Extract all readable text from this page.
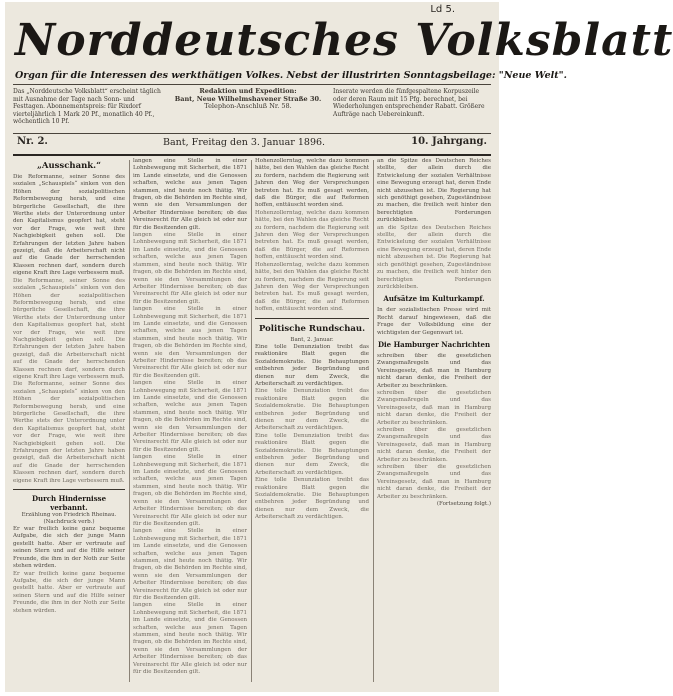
Ld 5.
Norddeutsches Volksblatt
Organ für die Interessen des werkthätigen Volkes. Nebst der illustrirten Sonntagsbeilage: "Neue Welt".
Das „Norddeutsche Volksblatt“ erscheint täglich mit Ausnahme der Tage nach Sonn- und Festtagen. Abonnementspreis: für Rixdorf vierteljährlich 1 Mark 20 Pf., monatlich 40 Pf., wöchentlich 10 Pf.
Redaktion und Expedition:
Bant, Neue Wilhelmshavener Straße 30.
Telephon-Anschluß Nr. 58.
Inserate werden die fünfgespaltene Korpuszeile oder deren Raum mit 15 Pfg. berechnet, bei Wiederholungen entsprechender Rabatt. Größere Aufträge nach Uebereinkunft.
Nr. 2.	Bant, Freitag den 3. Januar 1896.	10. Jahrgang.
„Ausschank.“
Die Reformanne, seiner Sonne des sozialen „Schauspiels“ sinken von den Höhen der sozialpolitischen Reformbewegung herab, und eine bürgerliche Gesellschaft, die ihre Werthe stets der Unterordnung unter den Kapitalismus geopfert hat, steht vor der Frage, wie weit ihre Nachgiebigkeit gehen soll. Die Erfahrungen der letzten Jahre haben gezeigt, daß die Arbeiterschaft nicht auf die Gnade der herrschenden Klassen rechnen darf, sondern durch eigene Kraft ihre Lage verbessern muß.
Die Reformanne, seiner Sonne des sozialen „Schauspiels“ sinken von den Höhen der sozialpolitischen Reformbewegung herab, und eine bürgerliche Gesellschaft, die ihre Werthe stets der Unterordnung unter den Kapitalismus geopfert hat, steht vor der Frage, wie weit ihre Nachgiebigkeit gehen soll. Die Erfahrungen der letzten Jahre haben gezeigt, daß die Arbeiterschaft nicht auf die Gnade der herrschenden Klassen rechnen darf, sondern durch eigene Kraft ihre Lage verbessern muß.
Die Reformanne, seiner Sonne des sozialen „Schauspiels“ sinken von den Höhen der sozialpolitischen Reformbewegung herab, und eine bürgerliche Gesellschaft, die ihre Werthe stets der Unterordnung unter den Kapitalismus geopfert hat, steht vor der Frage, wie weit ihre Nachgiebigkeit gehen soll. Die Erfahrungen der letzten Jahre haben gezeigt, daß die Arbeiterschaft nicht auf die Gnade der herrschenden Klassen rechnen darf, sondern durch eigene Kraft ihre Lage verbessern muß.
Durch Hindernisse verbannt.
Erzählung von Friedrich Rheinau.
(Nachdruck verb.)
Er war freilich keine ganz bequeme Aufgabe, die sich der junge Mann gestellt hatte. Aber er vertraute auf seinen Stern und auf die Hilfe seiner Freunde, die ihm in der Noth zur Seite stehen würden.
Er war freilich keine ganz bequeme Aufgabe, die sich der junge Mann gestellt hatte. Aber er vertraute auf seinen Stern und auf die Hilfe seiner Freunde, die ihm in der Noth zur Seite stehen würden.
langen eine Stelle in einer Lohnbewegung mit Sicherheit, die 1871 im Lande einsetzte, und die Genossen schaften, welche aus jenen Tagen stammen, sind heute noch thätig. Wir fragen, ob die Behörden im Rechte sind, wenn sie den Versammlungen der Arbeiter Hindernisse bereiten; ob das Vereinsrecht für Alle gleich ist oder nur für die Besitzenden gilt.
langen eine Stelle in einer Lohnbewegung mit Sicherheit, die 1871 im Lande einsetzte, und die Genossen schaften, welche aus jenen Tagen stammen, sind heute noch thätig. Wir fragen, ob die Behörden im Rechte sind, wenn sie den Versammlungen der Arbeiter Hindernisse bereiten; ob das Vereinsrecht für Alle gleich ist oder nur für die Besitzenden gilt.
langen eine Stelle in einer Lohnbewegung mit Sicherheit, die 1871 im Lande einsetzte, und die Genossen schaften, welche aus jenen Tagen stammen, sind heute noch thätig. Wir fragen, ob die Behörden im Rechte sind, wenn sie den Versammlungen der Arbeiter Hindernisse bereiten; ob das Vereinsrecht für Alle gleich ist oder nur für die Besitzenden gilt.
langen eine Stelle in einer Lohnbewegung mit Sicherheit, die 1871 im Lande einsetzte, und die Genossen schaften, welche aus jenen Tagen stammen, sind heute noch thätig. Wir fragen, ob die Behörden im Rechte sind, wenn sie den Versammlungen der Arbeiter Hindernisse bereiten; ob das Vereinsrecht für Alle gleich ist oder nur für die Besitzenden gilt.
langen eine Stelle in einer Lohnbewegung mit Sicherheit, die 1871 im Lande einsetzte, und die Genossen schaften, welche aus jenen Tagen stammen, sind heute noch thätig. Wir fragen, ob die Behörden im Rechte sind, wenn sie den Versammlungen der Arbeiter Hindernisse bereiten; ob das Vereinsrecht für Alle gleich ist oder nur für die Besitzenden gilt.
langen eine Stelle in einer Lohnbewegung mit Sicherheit, die 1871 im Lande einsetzte, und die Genossen schaften, welche aus jenen Tagen stammen, sind heute noch thätig. Wir fragen, ob die Behörden im Rechte sind, wenn sie den Versammlungen der Arbeiter Hindernisse bereiten; ob das Vereinsrecht für Alle gleich ist oder nur für die Besitzenden gilt.
langen eine Stelle in einer Lohnbewegung mit Sicherheit, die 1871 im Lande einsetzte, und die Genossen schaften, welche aus jenen Tagen stammen, sind heute noch thätig. Wir fragen, ob die Behörden im Rechte sind, wenn sie den Versammlungen der Arbeiter Hindernisse bereiten; ob das Vereinsrecht für Alle gleich ist oder nur für die Besitzenden gilt.
Hohenzollerntag, welche dazu kommen hätte, bei den Wahlen das gleiche Recht zu fordern, nachdem die Regierung seit Jahren den Weg der Versprechungen betreten hat. Es muß gesagt werden, daß die Bürger, die auf Reformen hoffen, enttäuscht worden sind.
Hohenzollerntag, welche dazu kommen hätte, bei den Wahlen das gleiche Recht zu fordern, nachdem die Regierung seit Jahren den Weg der Versprechungen betreten hat. Es muß gesagt werden, daß die Bürger, die auf Reformen hoffen, enttäuscht worden sind.
Hohenzollerntag, welche dazu kommen hätte, bei den Wahlen das gleiche Recht zu fordern, nachdem die Regierung seit Jahren den Weg der Versprechungen betreten hat. Es muß gesagt werden, daß die Bürger, die auf Reformen hoffen, enttäuscht worden sind.
Politische Rundschau.
Bant, 2. Januar.
Eine tolle Denunziation treibt das reaktionäre Blatt gegen die Sozialdemokratie. Die Behauptungen entbehren jeder Begründung und dienen nur dem Zweck, die Arbeiterschaft zu verdächtigen.
Eine tolle Denunziation treibt das reaktionäre Blatt gegen die Sozialdemokratie. Die Behauptungen entbehren jeder Begründung und dienen nur dem Zweck, die Arbeiterschaft zu verdächtigen.
Eine tolle Denunziation treibt das reaktionäre Blatt gegen die Sozialdemokratie. Die Behauptungen entbehren jeder Begründung und dienen nur dem Zweck, die Arbeiterschaft zu verdächtigen.
Eine tolle Denunziation treibt das reaktionäre Blatt gegen die Sozialdemokratie. Die Behauptungen entbehren jeder Begründung und dienen nur dem Zweck, die Arbeiterschaft zu verdächtigen.
an die Spitze des Deutschen Reiches stellte, der allein durch die Entwickelung der sozialen Verhältnisse eine Bewegung erzeugt hat, deren Ende nicht abzusehen ist. Die Regierung hat sich genöthigt gesehen, Zugeständnisse zu machen, die freilich weit hinter den berechtigten Forderungen zurückbleiben.
an die Spitze des Deutschen Reiches stellte, der allein durch die Entwickelung der sozialen Verhältnisse eine Bewegung erzeugt hat, deren Ende nicht abzusehen ist. Die Regierung hat sich genöthigt gesehen, Zugeständnisse zu machen, die freilich weit hinter den berechtigten Forderungen zurückbleiben.
Aufsätze im Kulturkampf.
In der sozialistischen Presse wird mit Recht darauf hingewiesen, daß die Frage der Volksbildung eine der wichtigsten der Gegenwart ist.
Die Hamburger Nachrichten
schreiben über die gesetzlichen Zwangsmaßregeln und das Vereinsgesetz, daß man in Hamburg nicht daran denke, die Freiheit der Arbeiter zu beschränken.
schreiben über die gesetzlichen Zwangsmaßregeln und das Vereinsgesetz, daß man in Hamburg nicht daran denke, die Freiheit der Arbeiter zu beschränken.
schreiben über die gesetzlichen Zwangsmaßregeln und das Vereinsgesetz, daß man in Hamburg nicht daran denke, die Freiheit der Arbeiter zu beschränken.
schreiben über die gesetzlichen Zwangsmaßregeln und das Vereinsgesetz, daß man in Hamburg nicht daran denke, die Freiheit der Arbeiter zu beschränken.
(Fortsetzung folgt.)
